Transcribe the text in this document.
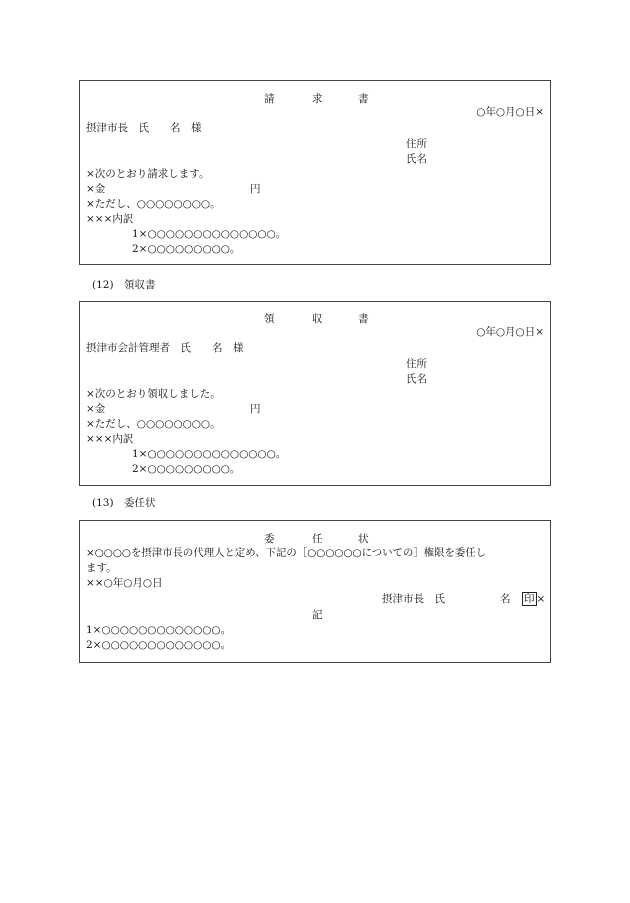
請	求	書
○年○月○日×
摂津市長　氏　　名　様
住所
氏名
×次のとおり請求します。
×金	円
×ただし、○○○○○○○○。
×××内訳
1×○○○○○○○○○○○○○○。
2×○○○○○○○○○。
(12)　領収書
領	収	書
○年○月○日×
摂津市会計管理者　氏　　名　様
住所
氏名
×次のとおり領収しました。
×金	円
×ただし、○○○○○○○○。
×××内訳
1×○○○○○○○○○○○○○○。
2×○○○○○○○○○。
(13)　委任状
委	任	状
×○○○○を摂津市長の代理人と定め、下記の［○○○○○○についての］権限を委任し
ます。
××○年○月○日
摂津市長　氏	名 印 ×
記
1×○○○○○○○○○○○○○。
2×○○○○○○○○○○○○○。
